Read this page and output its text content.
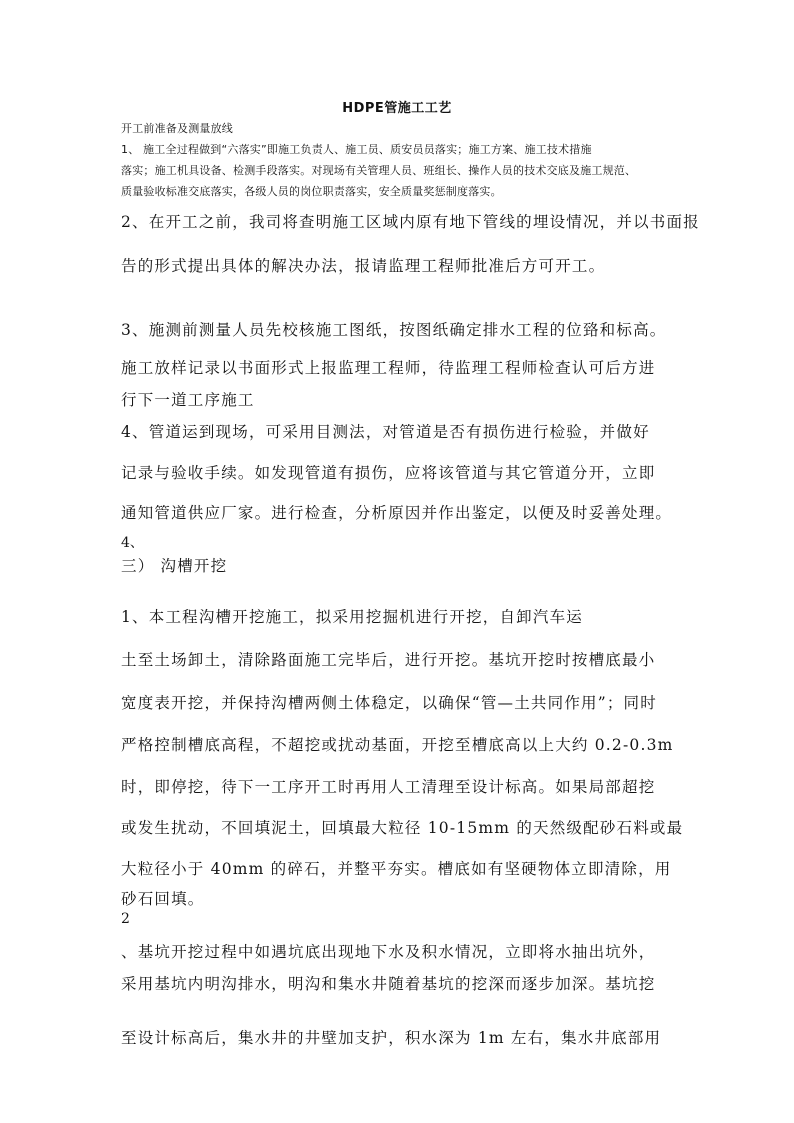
HDPE管施工工艺
开工前准备及测量放线
1、 施工全过程做到“六落实”即施工负责人、施工员、质安员员落实；施工方案、施工技术措施
落实；施工机具设备、检测手段落实。对现场有关管理人员、班组长、操作人员的技术交底及施工规范、
质量验收标准交底落实，各级人员的岗位职责落实，安全质量奖惩制度落实。
2、在开工之前，我司将查明施工区域内原有地下管线的埋设情况，并以书面报
告的形式提出具体的解决办法，报请监理工程师批准后方可开工。
3、施测前测量人员先校核施工图纸，按图纸确定排水工程的位臵和标高。
施工放样记录以书面形式上报监理工程师，待监理工程师检查认可后方进
行下一道工序施工
4、管道运到现场，可采用目测法，对管道是否有损伤进行检验，并做好
记录与验收手续。如发现管道有损伤，应将该管道与其它管道分开，立即
通知管道供应厂家。进行检查，分析原因并作出鉴定，以便及时妥善处理。
4、
三） 沟槽开挖
1、本工程沟槽开挖施工，拟采用挖掘机进行开挖，自卸汽车运
土至土场卸土，清除路面施工完毕后，进行开挖。基坑开挖时按槽底最小
宽度表开挖，并保持沟槽两侧土体稳定，以确保“管—土共同作用”；同时
严格控制槽底高程，不超挖或扰动基面，开挖至槽底高以上大约 0.2-0.3m
时，即停挖，待下一工序开工时再用人工清理至设计标高。如果局部超挖
或发生扰动，不回填泥土，回填最大粒径 10-15mm 的天然级配砂石料或最
大粒径小于 40mm 的碎石，并整平夯实。槽底如有坚硬物体立即清除，用
砂石回填。
2
、基坑开挖过程中如遇坑底出现地下水及积水情况，立即将水抽出坑外，
采用基坑内明沟排水，明沟和集水井随着基坑的挖深而逐步加深。基坑挖
至设计标高后，集水井的井壁加支护，积水深为 1m 左右，集水井底部用
